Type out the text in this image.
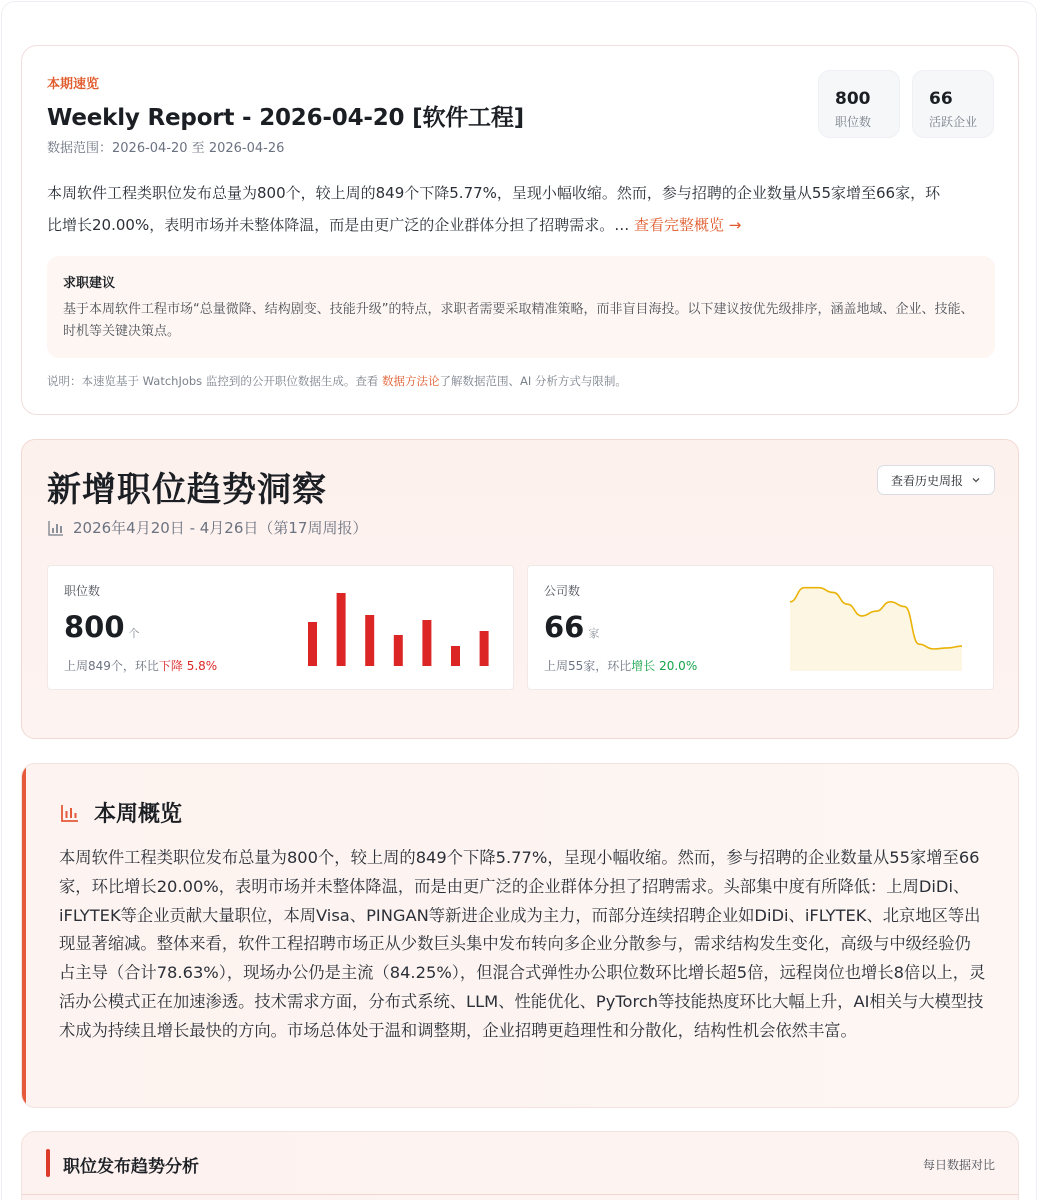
本期速览
Weekly Report - 2026-04-20 [软件工程]
数据范围：2026-04-20 至 2026-04-26
800
职位数
66
活跃企业
本周软件工程类职位发布总量为800个，较上周的849个下降5.77%，呈现小幅收缩。然而，参与招聘的企业数量从55家增至66家，环
比增长20.00%，表明市场并未整体降温，而是由更广泛的企业群体分担了招聘需求。… 查看完整概览 →
求职建议
基于本周软件工程市场“总量微降、结构剧变、技能升级”的特点，求职者需要采取精准策略，而非盲目海投。以下建议按优先级排序，涵盖地域、企业、技能、时机等关键决策点。
说明：本速览基于 WatchJobs 监控到的公开职位数据生成。查看 数据方法论了解数据范围、AI 分析方式与限制。
新增职位趋势洞察
2026年4月20日 - 4月26日（第17周周报）
查看历史周报
职位数
800 个
上周849个，环比下降 5.8%
公司数
66 家
上周55家，环比增长 20.0%
本周概览
本周软件工程类职位发布总量为800个，较上周的849个下降5.77%，呈现小幅收缩。然而，参与招聘的企业数量从55家增至66家，环比增长20.00%，表明市场并未整体降温，而是由更广泛的企业群体分担了招聘需求。头部集中度有所降低：上周DiDi、iFLYTEK等企业贡献大量职位，本周Visa、PINGAN等新进企业成为主力，而部分连续招聘企业如DiDi、iFLYTEK、北京地区等出现显著缩减。整体来看，软件工程招聘市场正从少数巨头集中发布转向多企业分散参与，需求结构发生变化，高级与中级经验仍占主导（合计78.63%），现场办公仍是主流（84.25%），但混合式弹性办公职位数环比增长超5倍，远程岗位也增长8倍以上，灵活办公模式正在加速渗透。技术需求方面，分布式系统、LLM、性能优化、PyTorch等技能热度环比大幅上升，AI相关与大模型技术成为持续且增长最快的方向。市场总体处于温和调整期，企业招聘更趋理性和分散化，结构性机会依然丰富。
职位发布趋势分析	每日数据对比
